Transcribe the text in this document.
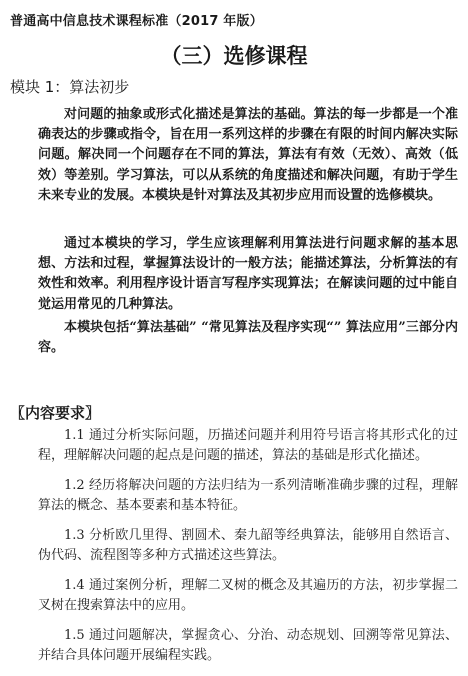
普通高中信息技术课程标准（2017 年版）
（三）选修课程
模块 1：算法初步
对问题的抽象或形式化描述是算法的基础。算法的每一步都是一个准确表达的步骤或指令，旨在用一系列这样的步骤在有限的时间内解决实际问题。解决同一个问题存在不同的算法，算法有有效（无效）、高效（低效）等差别。学习算法，可以从系统的角度描述和解决问题，有助于学生未来专业的发展。本模块是针对算法及其初步应用而设置的选修模块。
通过本模块的学习，学生应该理解利用算法进行问题求解的基本思想、方法和过程，掌握算法设计的一般方法；能描述算法，分析算法的有效性和效率。利用程序设计语言写程序实现算法；在解读问题的过中能自觉运用常见的几种算法。
本模块包括“算法基础” “常见算法及程序实现“” 算法应用”三部分内容。
〖内容要求〗

1.1 通过分析实际问题，历描述问题并利用符号语言将其形式化的过程，理解解决问题的起点是问题的描述，算法的基础是形式化描述。

1.2 经历将解决问题的方法归结为一系列清晰准确步骤的过程，理解算法的概念、基本要素和基本特征。

1.3 分析欧几里得、割圆术、秦九韶等经典算法，能够用自然语言、伪代码、流程图等多种方式描述这些算法。

1.4 通过案例分析，理解二叉树的概念及其遍历的方法，初步掌握二叉树在搜索算法中的应用。

1.5 通过问题解决，掌握贪心、分治、动态规划、回溯等常见算法、并结合具体问题开展编程实践。
